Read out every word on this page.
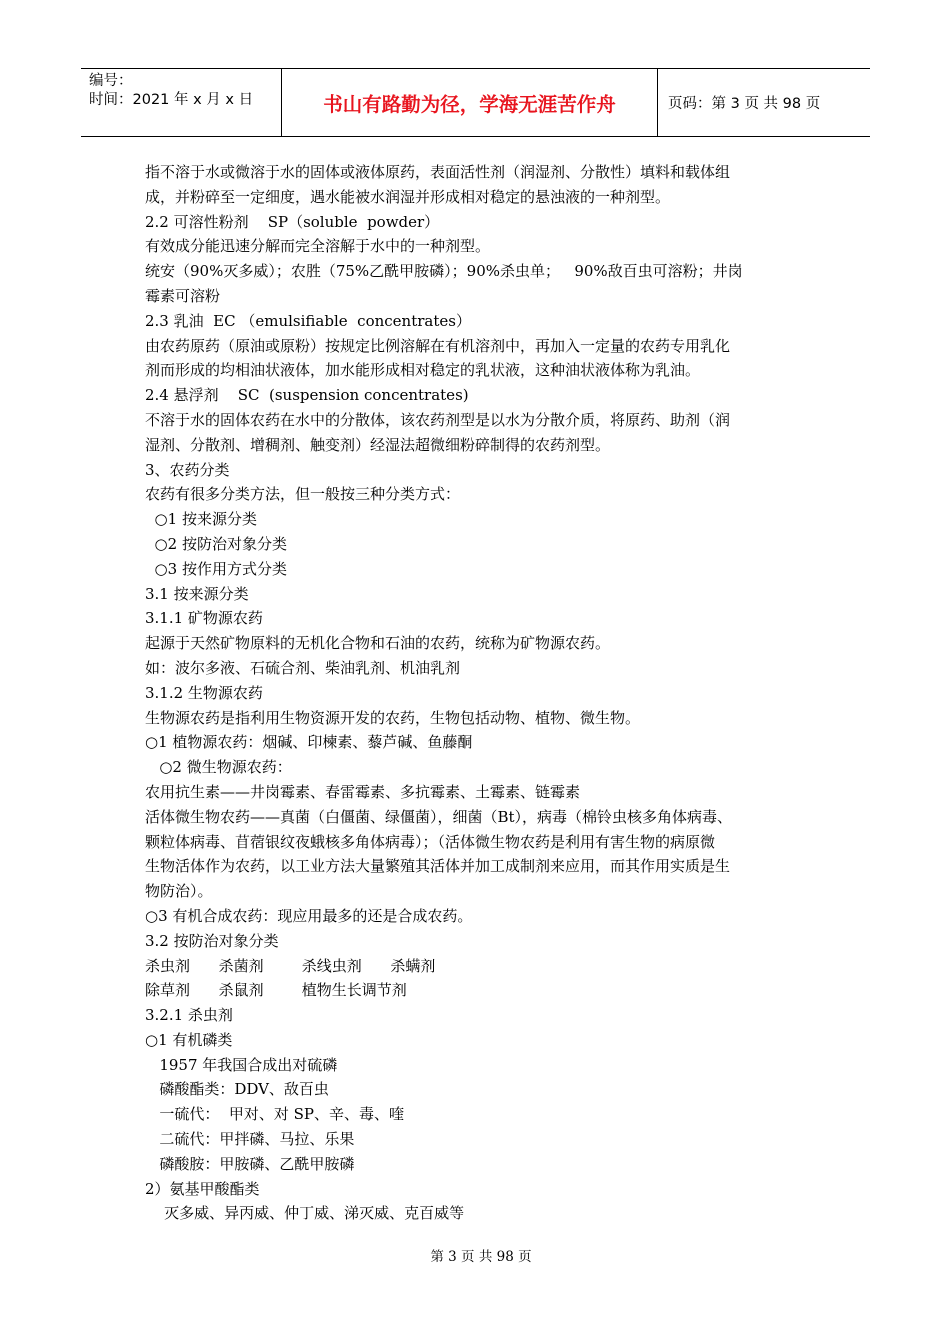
编号：
时间：2021 年 x 月 x 日	书山有路勤为径，学海无涯苦作舟	页码：第 3 页 共 98 页

指不溶于水或微溶于水的固体或液体原药，表面活性剂（润湿剂、分散性）填料和载体组

成，并粉碎至一定细度，遇水能被水润湿并形成相对稳定的悬浊液的一种剂型。

2.2 可溶性粉剂    SP（soluble  powder）

有效成分能迅速分解而完全溶解于水中的一种剂型。

统安（90%灭多威）；农胜（75%乙酰甲胺磷）；90%杀虫单；   90%敌百虫可溶粉；井岗

霉素可溶粉

2.3 乳油  EC （emulsifiable  concentrates）

由农药原药（原油或原粉）按规定比例溶解在有机溶剂中，再加入一定量的农药专用乳化

剂而形成的均相油状液体，加水能形成相对稳定的乳状液，这种油状液体称为乳油。

2.4 悬浮剂    SC  (suspension concentrates)

不溶于水的固体农药在水中的分散体，该农药剂型是以水为分散介质，将原药、助剂（润

湿剂、分散剂、增稠剂、触变剂）经湿法超微细粉碎制得的农药剂型。

3、农药分类

农药有很多分类方法，但一般按三种分类方式：

○1 按来源分类

○2 按防治对象分类

○3 按作用方式分类

3.1 按来源分类

3.1.1 矿物源农药

起源于天然矿物原料的无机化合物和石油的农药，统称为矿物源农药。

如：波尔多液、石硫合剂、柴油乳剂、机油乳剂

3.1.2 生物源农药

生物源农药是指利用生物资源开发的农药，生物包括动物、植物、微生物。

○1 植物源农药：烟碱、印楝素、藜芦碱、鱼藤酮

○2 微生物源农药：

农用抗生素——井岗霉素、春雷霉素、多抗霉素、土霉素、链霉素

活体微生物农药——真菌（白僵菌、绿僵菌），细菌（Bt），病毒（棉铃虫核多角体病毒、

颗粒体病毒、苜蓿银纹夜蛾核多角体病毒）；（活体微生物农药是利用有害生物的病原微

生物活体作为农药，以工业方法大量繁殖其活体并加工成制剂来应用，而其作用实质是生

物防治）。

○3 有机合成农药：现应用最多的还是合成农药。

3.2 按防治对象分类

杀虫剂      杀菌剂        杀线虫剂      杀螨剂

除草剂      杀鼠剂        植物生长调节剂

3.2.1 杀虫剂

○1 有机磷类

1957 年我国合成出对硫磷

磷酸酯类：DDV、敌百虫

一硫代：  甲对、对 SP、辛、毒、喹

二硫代：甲拌磷、马拉、乐果

磷酸胺：甲胺磷、乙酰甲胺磷

2）氨基甲酸酯类

灭多威、异丙威、仲丁威、涕灭威、克百威等

第 3 页 共 98 页
